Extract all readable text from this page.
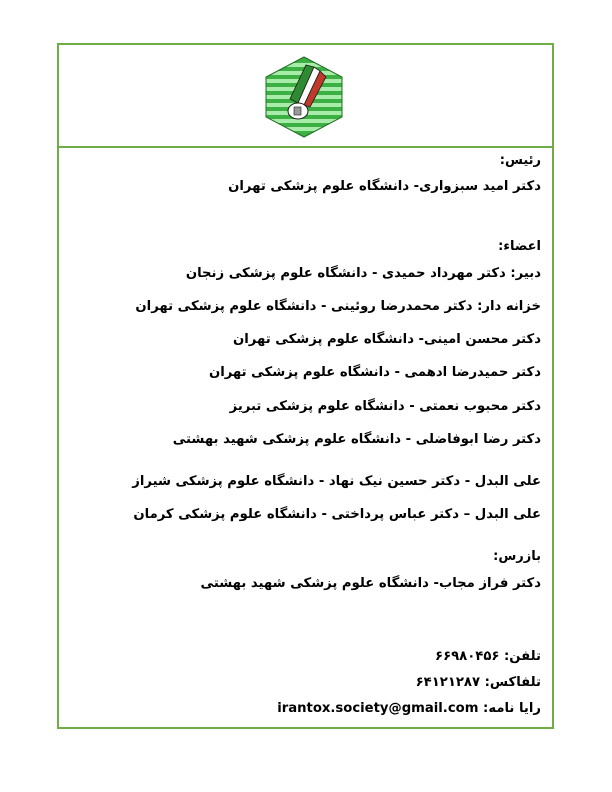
رئیس:
دکتر امید سبزواری- دانشگاه علوم پزشکی تهران
اعضاء:
دبیر: دکتر مهرداد حمیدی - دانشگاه علوم پزشکی زنجان
خزانه دار: دکتر محمدرضا روئینی - دانشگاه علوم پزشکی تهران
دکتر محسن امینی- دانشگاه علوم پزشکی تهران
دکتر حمیدرضا ادهمی - دانشگاه علوم پزشکی تهران
دکتر محبوب نعمتی - دانشگاه علوم پزشکی تبریز
دکتر رضا ابوفاضلی - دانشگاه علوم پزشکی شهید بهشتی
علی البدل - دکتر حسین نیک نهاد - دانشگاه علوم پزشکی شیراز
علی البدل – دکتر عباس پرداختی - دانشگاه علوم پزشکی کرمان
بازرس:
دکتر فراز مجاب- دانشگاه علوم پزشکی شهید بهشتی
تلفن: ۶۶۹۸۰۴۵۶
تلفاکس: ۶۴۱۲۱۲۸۷
رایا نامه: irantox.society@gmail.com
